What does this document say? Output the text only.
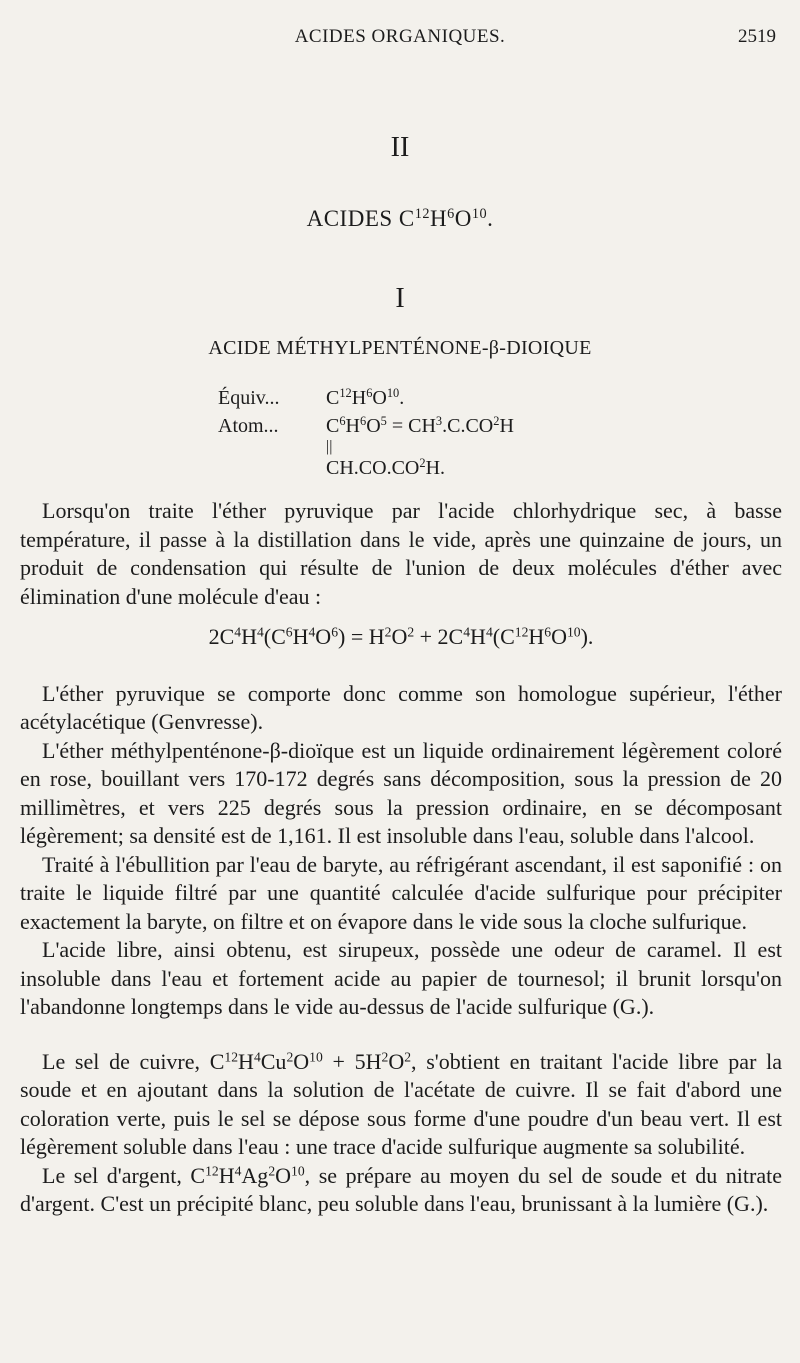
ACIDES ORGANIQUES.	2519
II
ACIDES $C^{12}H^6O^{10}$.
I
ACIDE MÉTHYLPENTÉNONE-β-DIOIQUE
Équiv... $C^{12}H^6O^{10}$.
Atom... $C^6H^6O^5 = CH^3.C.CO^2H$
||
$CH.CO.CO^2H$.

Lorsqu'on traite l'éther pyruvique par l'acide chlorhydrique sec, à basse température, il passe à la distillation dans le vide, après une quinzaine de jours, un produit de condensation qui résulte de l'union de deux molécules d'éther avec élimination d'une molécule d'eau :

$2C^4H^4(C^6H^4O^6) = H^2O^2 + 2C^4H^4(C^{12}H^6O^{10})$.

L'éther pyruvique se comporte donc comme son homologue supérieur, l'éther acétylacétique (Genvresse).

L'éther méthylpenténone-β-dioïque est un liquide ordinairement légèrement coloré en rose, bouillant vers 170-172 degrés sans décomposition, sous la pression de 20 millimètres, et vers 225 degrés sous la pression ordinaire, en se décomposant légèrement; sa densité est de 1,161. Il est insoluble dans l'eau, soluble dans l'alcool.

Traité à l'ébullition par l'eau de baryte, au réfrigérant ascendant, il est saponifié : on traite le liquide filtré par une quantité calculée d'acide sulfurique pour précipiter exactement la baryte, on filtre et on évapore dans le vide sous la cloche sulfurique.

L'acide libre, ainsi obtenu, est sirupeux, possède une odeur de caramel. Il est insoluble dans l'eau et fortement acide au papier de tournesol; il brunit lorsqu'on l'abandonne longtemps dans le vide au-dessus de l'acide sulfurique (G.).

Le sel de cuivre, $C^{12}H^4Cu^2O^{10} + 5H^2O^2$, s'obtient en traitant l'acide libre par la soude et en ajoutant dans la solution de l'acétate de cuivre. Il se fait d'abord une coloration verte, puis le sel se dépose sous forme d'une poudre d'un beau vert. Il est légèrement soluble dans l'eau : une trace d'acide sulfurique augmente sa solubilité.

Le sel d'argent, $C^{12}H^4Ag^2O^{10}$, se prépare au moyen du sel de soude et du nitrate d'argent. C'est un précipité blanc, peu soluble dans l'eau, brunissant à la lumière (G.).
